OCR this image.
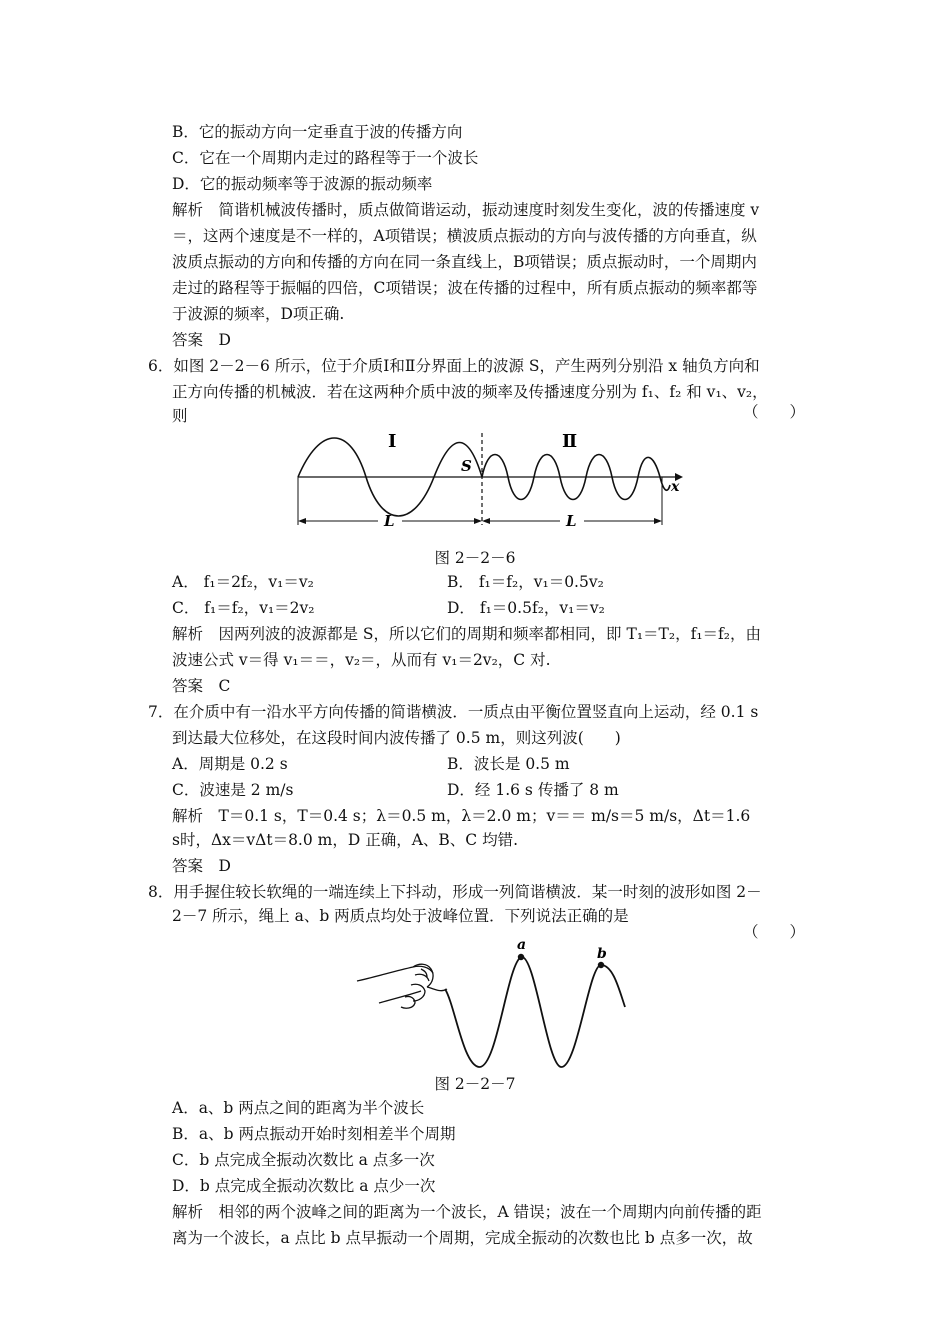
B．它的振动方向一定垂直于波的传播方向
C．它在一个周期内走过的路程等于一个波长
D．它的振动频率等于波源的振动频率
解析　简谐机械波传播时，质点做简谐运动，振动速度时刻发生变化，波的传播速度 v
＝，这两个速度是不一样的，A项错误；横波质点振动的方向与波传播的方向垂直，纵
波质点振动的方向和传播的方向在同一条直线上，B项错误；质点振动时，一个周期内
走过的路程等于振幅的四倍，C项错误；波在传播的过程中，所有质点振动的频率都等
于波源的频率，D项正确.
答案　D
6．如图 2－2－6 所示，位于介质Ⅰ和Ⅱ分界面上的波源 S，产生两列分别沿 x 轴负方向和
正方向传播的机械波．若在这两种介质中波的频率及传播速度分别为 f₁、f₂ 和 v₁、v₂，
则	（　　）
Ⅰ	Ⅱ
S
x
L	L
图 2－2－6
A． f₁＝2f₂，v₁＝v₂	B． f₁＝f₂，v₁＝0.5v₂
C． f₁＝f₂，v₁＝2v₂	D． f₁＝0.5f₂，v₁＝v₂
解析　因两列波的波源都是 S，所以它们的周期和频率都相同，即 T₁＝T₂，f₁＝f₂，由
波速公式 v＝得 v₁＝＝，v₂＝，从而有 v₁＝2v₂，C 对.
答案　C
7．在介质中有一沿水平方向传播的简谐横波．一质点由平衡位置竖直向上运动，经 0.1 s
到达最大位移处，在这段时间内波传播了 0.5 m，则这列波(　　)
A．周期是 0.2 s	B．波长是 0.5 m
C．波速是 2 m/s	D．经 1.6 s 传播了 8 m
解析　T＝0.1 s，T＝0.4 s；λ＝0.5 m，λ＝2.0 m；v＝＝ m/s＝5 m/s，Δt＝1.6
s时，Δx＝vΔt＝8.0 m，D 正确，A、B、C 均错.
答案　D
8．用手握住较长软绳的一端连续上下抖动，形成一列简谐横波．某一时刻的波形如图 2－
2－7 所示，绳上 a、b 两质点均处于波峰位置．下列说法正确的是
（　　）
a
b
图 2－2－7
A．a、b 两点之间的距离为半个波长
B．a、b 两点振动开始时刻相差半个周期
C．b 点完成全振动次数比 a 点多一次
D．b 点完成全振动次数比 a 点少一次
解析　相邻的两个波峰之间的距离为一个波长，A 错误；波在一个周期内向前传播的距
离为一个波长，a 点比 b 点早振动一个周期，完成全振动的次数也比 b 点多一次，故
